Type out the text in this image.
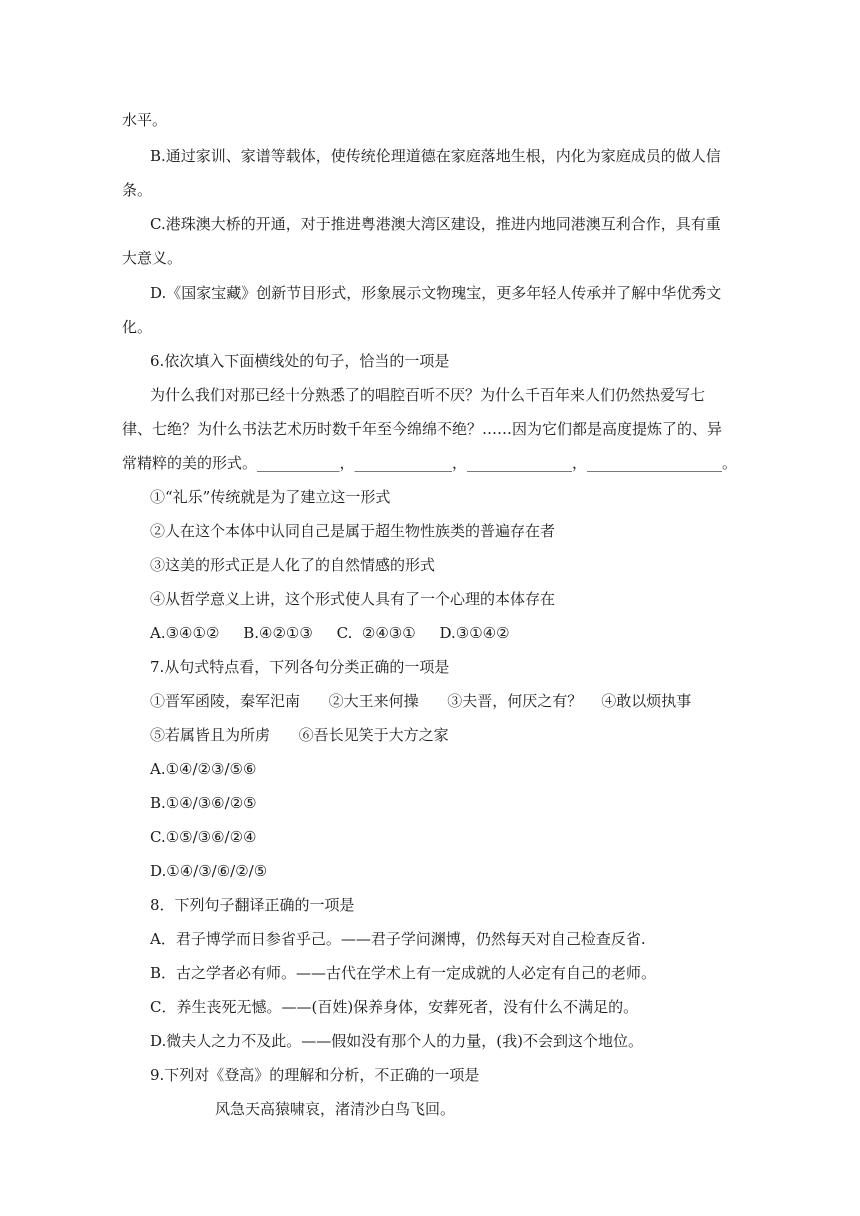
水平。
B.通过家训、家谱等载体，使传统伦理道德在家庭落地生根，内化为家庭成员的做人信
条。
C.港珠澳大桥的开通，对于推进粤港澳大湾区建设，推进内地同港澳互利合作，具有重
大意义。
D.《国家宝藏》创新节目形式，形象展示文物瑰宝，更多年轻人传承并了解中华优秀文
化。
6.依次填入下面横线处的句子，恰当的一项是
为什么我们对那已经十分熟悉了的唱腔百听不厌？为什么千百年来人们仍然热爱写七
律、七绝？为什么书法艺术历时数千年至今绵绵不绝？……因为它们都是高度提炼了的、异
常精粹的美的形式。___________，_____________，______________，__________________。
①“礼乐”传统就是为了建立这一形式
②人在这个本体中认同自己是属于超生物性族类的普遍存在者
③这美的形式正是人化了的自然情感的形式
④从哲学意义上讲，这个形式使人具有了一个心理的本体存在
A.③④①②     B.④②①③     C.  ②④③①     D.③①④②
7.从句式特点看，下列各句分类正确的一项是
①晋军函陵，秦军汜南      ②大王来何操      ③夫晋，何厌之有？    ④敢以烦执事
⑤若属皆且为所虏      ⑥吾长见笑于大方之家
A.①④/②③/⑤⑥
B.①④/③⑥/②⑤
C.①⑤/③⑥/②④
D.①④/③/⑥/②/⑤
8．下列句子翻译正确的一项是
A．君子博学而日参省乎己。——君子学问渊博，仍然每天对自己检查反省.
B．古之学者必有师。——古代在学术上有一定成就的人必定有自己的老师。
C．养生丧死无憾。——(百姓)保养身体，安葬死者，没有什么不满足的。
D.微夫人之力不及此。——假如没有那个人的力量，(我)不会到这个地位。
9.下列对《登高》的理解和分析，不正确的一项是
风急天高猿啸哀，渚清沙白鸟飞回。
